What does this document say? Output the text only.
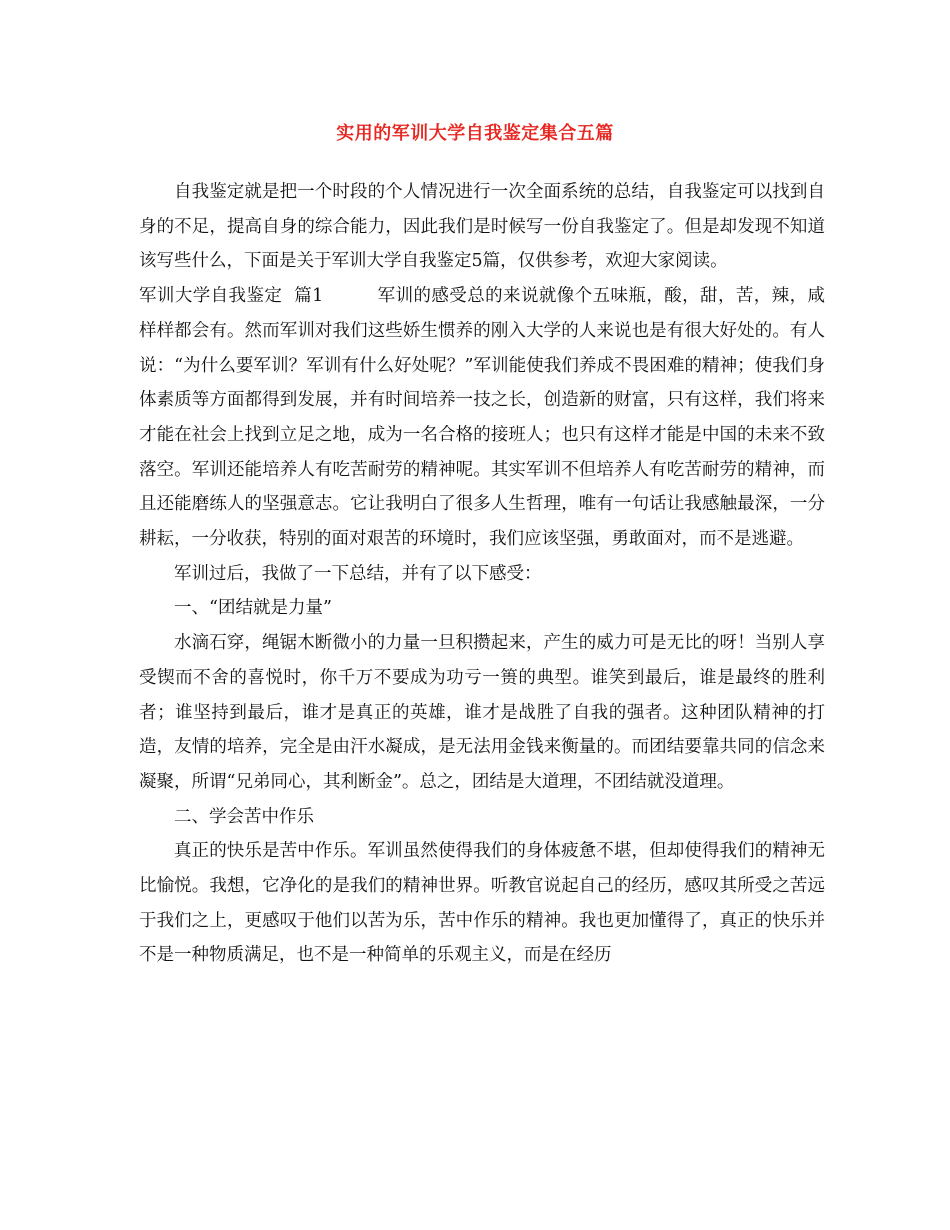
实用的军训大学自我鉴定集合五篇

自我鉴定就是把一个时段的个人情况进行一次全面系统的总结，自我鉴定可以找到自身的不足，提高自身的综合能力，因此我们是时候写一份自我鉴定了。但是却发现不知道该写些什么，下面是关于军训大学自我鉴定5篇，仅供参考，欢迎大家阅读。

军训大学自我鉴定  篇1	军训的感受总的来说就像个五味瓶，酸，甜，苦，辣，咸样样都会有。然而军训对我们这些娇生惯养的刚入大学的人来说也是有很大好处的。有人说：“为什么要军训？军训有什么好处呢？”军训能使我们养成不畏困难的精神；使我们身体素质等方面都得到发展，并有时间培养一技之长，创造新的财富，只有这样，我们将来才能在社会上找到立足之地，成为一名合格的接班人；也只有这样才能是中国的未来不致落空。军训还能培养人有吃苦耐劳的精神呢。其实军训不但培养人有吃苦耐劳的精神，而且还能磨练人的坚强意志。它让我明白了很多人生哲理，唯有一句话让我感触最深，一分耕耘，一分收获，特别的面对艰苦的环境时，我们应该坚强，勇敢面对，而不是逃避。

军训过后，我做了一下总结，并有了以下感受：

一、“团结就是力量”

水滴石穿，绳锯木断微小的力量一旦积攒起来，产生的威力可是无比的呀！当别人享受锲而不舍的喜悦时，你千万不要成为功亏一篑的典型。谁笑到最后，谁是最终的胜利者；谁坚持到最后，谁才是真正的英雄，谁才是战胜了自我的强者。这种团队精神的打造，友情的培养，完全是由汗水凝成，是无法用金钱来衡量的。而团结要靠共同的信念来凝聚，所谓“兄弟同心，其利断金”。总之，团结是大道理，不团结就没道理。

二、学会苦中作乐

真正的快乐是苦中作乐。军训虽然使得我们的身体疲惫不堪，但却使得我们的精神无比愉悦。我想，它净化的是我们的精神世界。听教官说起自己的经历，感叹其所受之苦远于我们之上，更感叹于他们以苦为乐，苦中作乐的精神。我也更加懂得了，真正的快乐并不是一种物质满足，也不是一种简单的乐观主义，而是在经历
